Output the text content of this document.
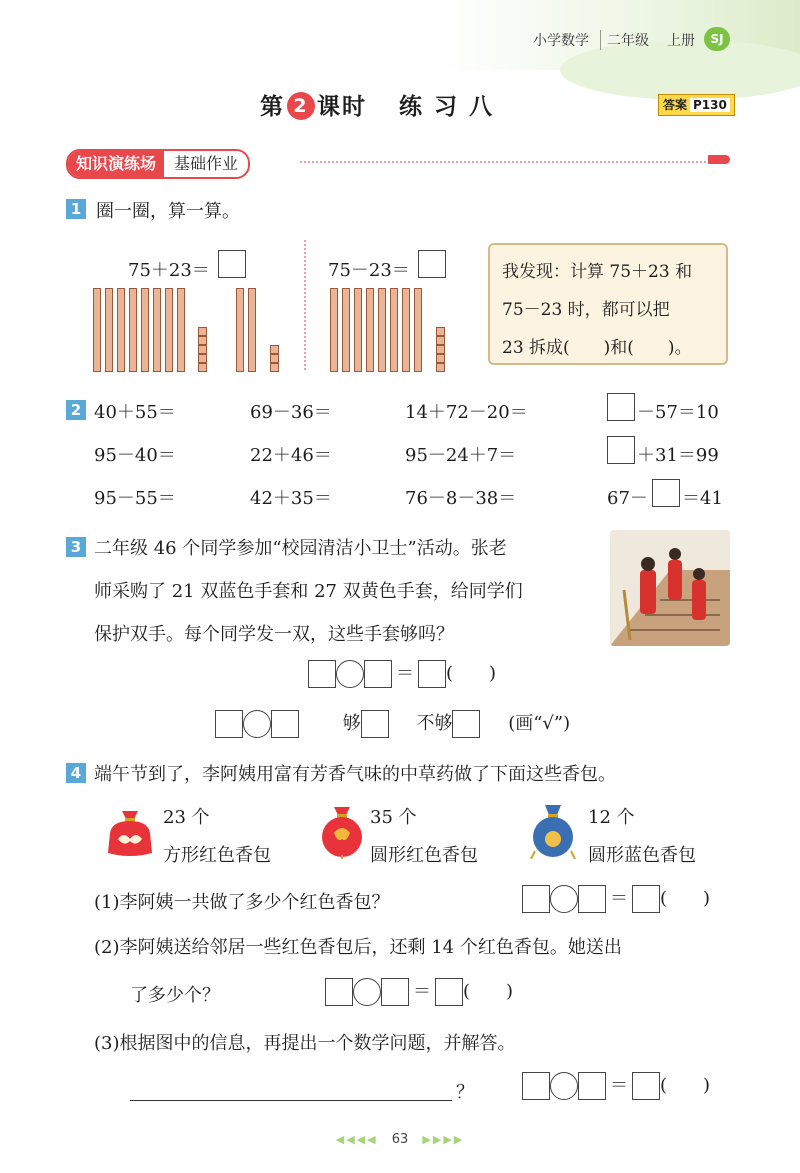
小学数学	二年级 上册	SJ
第 2 课时 练 习 八	答案 P130
知识演练场	基础作业
1 圈一圈，算一算。
75＋23＝	75－23＝	我发现：计算 75＋23 和
75－23 时，都可以把
23 拆成(　　)和(　　)。
2 40＋55＝	69－36＝	14＋72－20＝	－57＝10
95－40＝	22＋46＝	95－24＋7＝	＋31＝99
95－55＝	42＋35＝	76－8－38＝	67－ ＝41
3 二年级 46 个同学参加“校园清洁小卫士”活动。张老
师采购了 21 双蓝色手套和 27 双黄色手套，给同学们
保护双手。每个同学发一双，这些手套够吗？
＝ (　　)
够	不够	(画“√”)
4 端午节到了，李阿姨用富有芳香气味的中草药做了下面这些香包。
23 个
方形红色香包
35 个
圆形红色香包
12 个
圆形蓝色香包
(1)李阿姨一共做了多少个红色香包？	＝ (　　)
(2)李阿姨送给邻居一些红色香包后，还剩 14 个红色香包。她送出
了多少个？	＝ (　　)
(3)根据图中的信息，再提出一个数学问题，并解答。
？	＝ (　　)
◀◀◀◀ 63 ▶▶▶▶
